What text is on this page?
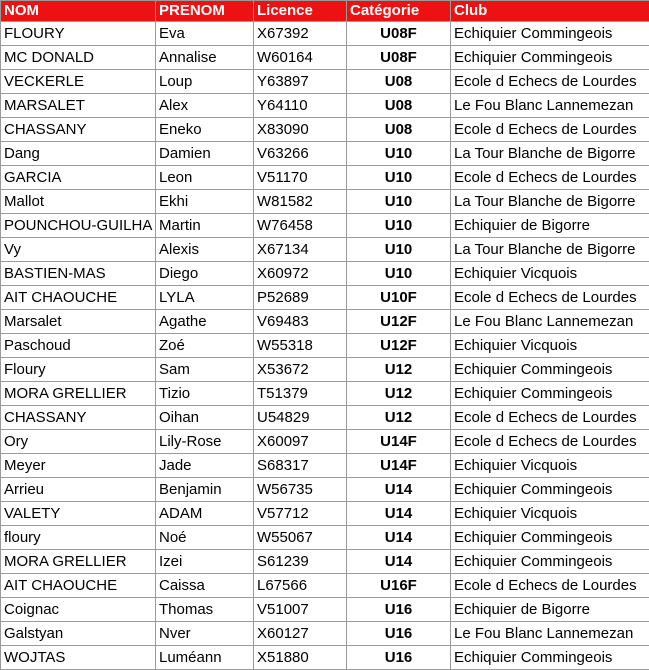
NOM	PRENOM	Licence	Catégorie	Club
FLOURY	Eva	X67392	U08F	Echiquier Commingeois
MC DONALD	Annalise	W60164	U08F	Echiquier Commingeois
VECKERLE	Loup	Y63897	U08	Ecole d Echecs de Lourdes
MARSALET	Alex	Y64110	U08	Le Fou Blanc Lannemezan
CHASSANY	Eneko	X83090	U08	Ecole d Echecs de Lourdes
Dang	Damien	V63266	U10	La Tour Blanche de Bigorre
GARCIA	Leon	V51170	U10	Ecole d Echecs de Lourdes
Mallot	Ekhi	W81582	U10	La Tour Blanche de Bigorre
POUNCHOU-GUILHA	Martin	W76458	U10	Echiquier de Bigorre
Vy	Alexis	X67134	U10	La Tour Blanche de Bigorre
BASTIEN-MAS	Diego	X60972	U10	Echiquier Vicquois
AIT CHAOUCHE	LYLA	P52689	U10F	Ecole d Echecs de Lourdes
Marsalet	Agathe	V69483	U12F	Le Fou Blanc Lannemezan
Paschoud	Zoé	W55318	U12F	Echiquier Vicquois
Floury	Sam	X53672	U12	Echiquier Commingeois
MORA GRELLIER	Tizio	T51379	U12	Echiquier Commingeois
CHASSANY	Oihan	U54829	U12	Ecole d Echecs de Lourdes
Ory	Lily-Rose	X60097	U14F	Ecole d Echecs de Lourdes
Meyer	Jade	S68317	U14F	Echiquier Vicquois
Arrieu	Benjamin	W56735	U14	Echiquier Commingeois
VALETY	ADAM	V57712	U14	Echiquier Vicquois
floury	Noé	W55067	U14	Echiquier Commingeois
MORA GRELLIER	Izei	S61239	U14	Echiquier Commingeois
AIT CHAOUCHE	Caissa	L67566	U16F	Ecole d Echecs de Lourdes
Coignac	Thomas	V51007	U16	Echiquier de Bigorre
Galstyan	Nver	X60127	U16	Le Fou Blanc Lannemezan
WOJTAS	Luméann	X51880	U16	Echiquier Commingeois
